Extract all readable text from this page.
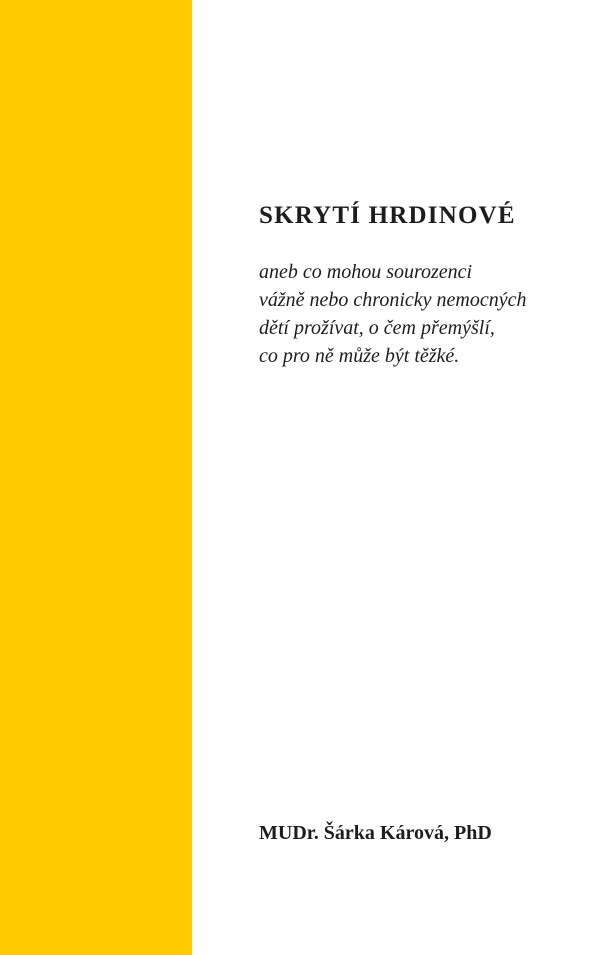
SKRYTÍ HRDINOVÉ
aneb co mohou sourozenci
vážně nebo chronicky nemocných
dětí prožívat, o čem přemýšlí,
co pro ně může být těžké.

MUDr. Šárka Kárová, PhD
